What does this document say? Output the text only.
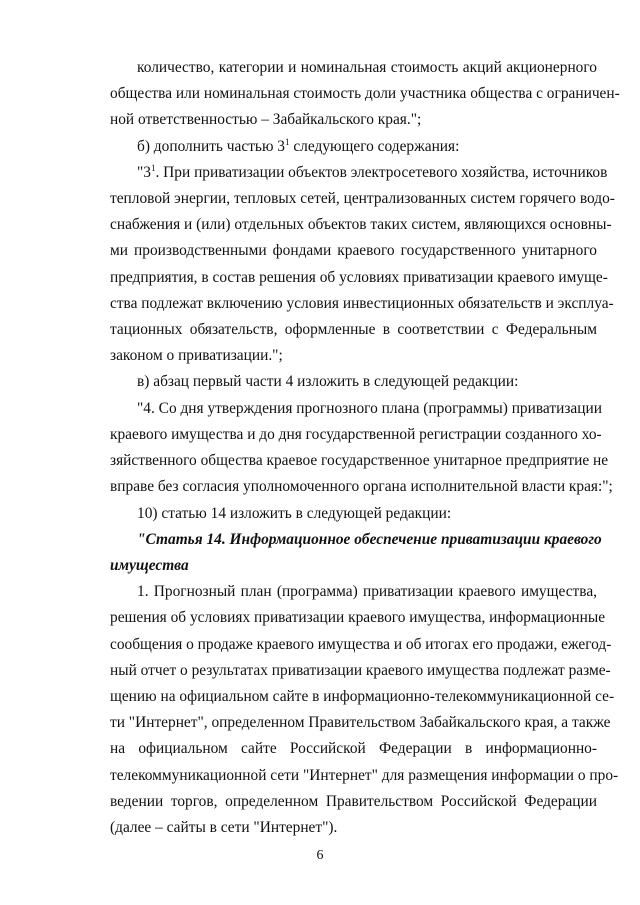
количество, категории и номинальная стоимость акций акционерного
общества или номинальная стоимость доли участника общества с ограничен-
ной ответственностью – Забайкальского края.";
б) дополнить частью $3^1$ следующего содержания:
"$3^1$. При приватизации объектов электросетевого хозяйства, источников
тепловой энергии, тепловых сетей, централизованных систем горячего водо-
снабжения и (или) отдельных объектов таких систем, являющихся основны-
ми производственными фондами краевого государственного унитарного
предприятия, в состав решения об условиях приватизации краевого имуще-
ства подлежат включению условия инвестиционных обязательств и эксплуа-
тационных обязательств, оформленные в соответствии с Федеральным
законом о приватизации.";
в) абзац первый части 4 изложить в следующей редакции:
"4. Со дня утверждения прогнозного плана (программы) приватизации
краевого имущества и до дня государственной регистрации созданного хо-
зяйственного общества краевое государственное унитарное предприятие не
вправе без согласия уполномоченного органа исполнительной власти края:";
10) статью 14 изложить в следующей редакции:
"Статья 14. Информационное обеспечение приватизации краевого
имущества
1. Прогнозный план (программа) приватизации краевого имущества,
решения об условиях приватизации краевого имущества, информационные
сообщения о продаже краевого имущества и об итогах его продажи, ежегод-
ный отчет о результатах приватизации краевого имущества подлежат разме-
щению на официальном сайте в информационно-телекоммуникационной се-
ти "Интернет", определенном Правительством Забайкальского края, а также
на официальном сайте Российской Федерации в информационно-
телекоммуникационной сети "Интернет" для размещения информации о про-
ведении торгов, определенном Правительством Российской Федерации
(далее – сайты в сети "Интернет").
6
